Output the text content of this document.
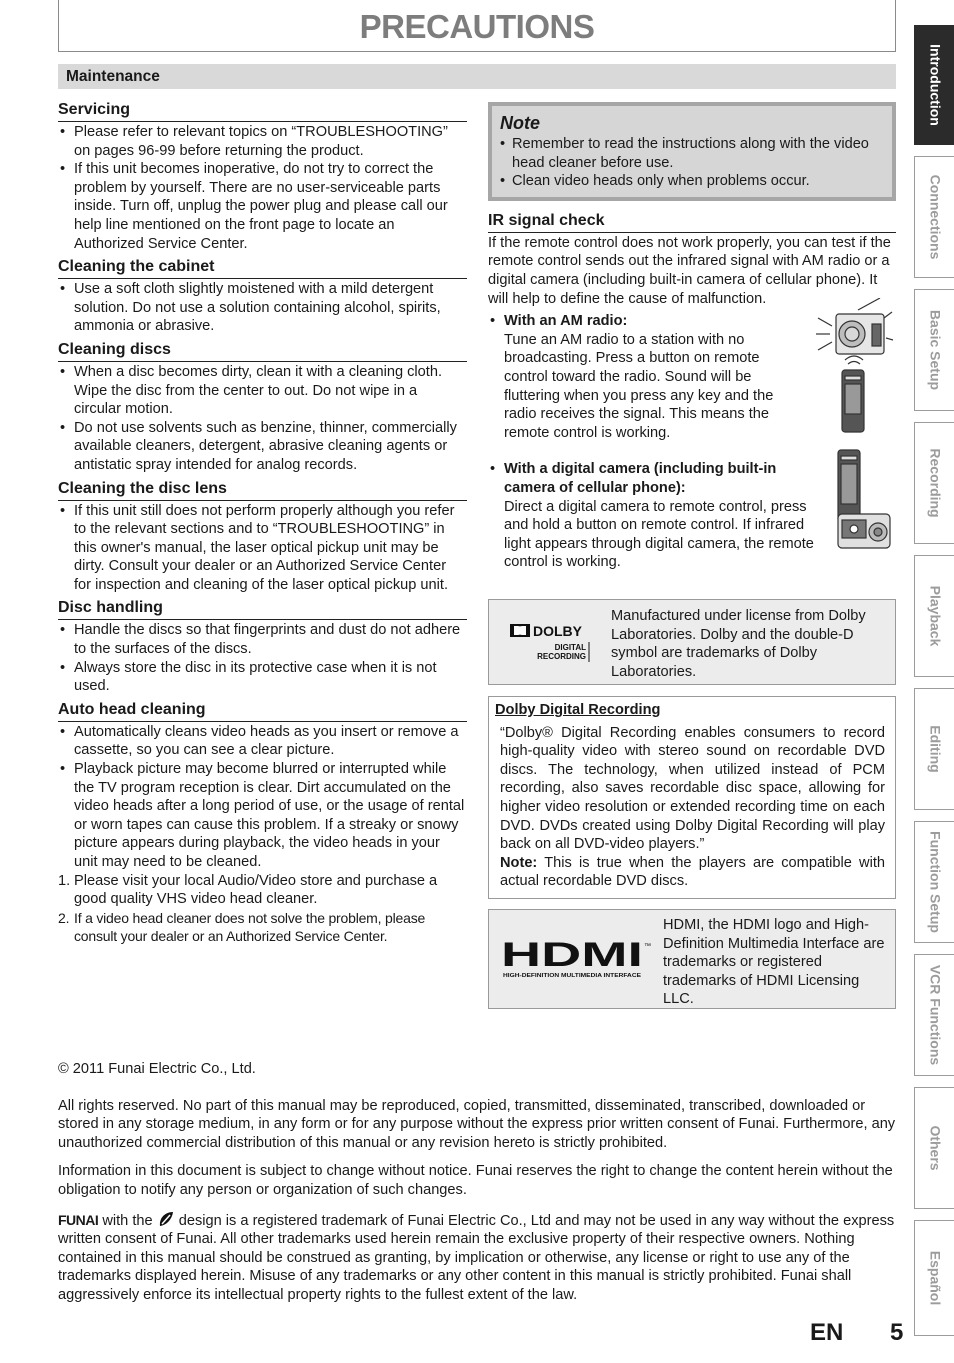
PRECAUTIONS
Maintenance
Servicing
• Please refer to relevant topics on “TROUBLESHOOTING” on pages 96-99 before returning the product.
• If this unit becomes inoperative, do not try to correct the problem by yourself. There are no user-serviceable parts inside. Turn off, unplug the power plug and please call our help line mentioned on the front page to locate an Authorized Service Center.
Cleaning the cabinet
• Use a soft cloth slightly moistened with a mild detergent solution. Do not use a solution containing alcohol, spirits, ammonia or abrasive.
Cleaning discs
• When a disc becomes dirty, clean it with a cleaning cloth. Wipe the disc from the center to out. Do not wipe in a circular motion.
• Do not use solvents such as benzine, thinner, commercially available cleaners, detergent, abrasive cleaning agents or antistatic spray intended for analog records.
Cleaning the disc lens
• If this unit still does not perform properly although you refer to the relevant sections and to “TROUBLESHOOTING” in this owner's manual, the laser optical pickup unit may be dirty. Consult your dealer or an Authorized Service Center for inspection and cleaning of the laser optical pickup unit.
Disc handling
• Handle the discs so that fingerprints and dust do not adhere to the surfaces of the discs.
• Always store the disc in its protective case when it is not used.
Auto head cleaning
• Automatically cleans video heads as you insert or remove a cassette, so you can see a clear picture.
• Playback picture may become blurred or interrupted while the TV program reception is clear. Dirt accumulated on the video heads after a long period of use, or the usage of rental or worn tapes can cause this problem. If a streaky or snowy picture appears during playback, the video heads in your unit may need to be cleaned.
1. Please visit your local Audio/Video store and purchase a good quality VHS video head cleaner.
2. If a video head cleaner does not solve the problem, please consult your dealer or an Authorized Service Center.
Note
• Remember to read the instructions along with the video head cleaner before use.
• Clean video heads only when problems occur.
IR signal check

If the remote control does not work properly, you can test if the remote control sends out the infrared signal with AM radio or a digital camera (including built-in camera of cellular phone). It will help to define the cause of malfunction.

• With an AM radio:
Tune an AM radio to a station with no broadcasting. Press a button on remote control toward the radio. Sound will be fluttering when you press any key and the radio receives the signal. This means the remote control is working.
• With a digital camera (including built-in camera of cellular phone):
Direct a digital camera to remote control, press and hold a button on remote control. If infrared light appears through digital camera, the remote control is working.
DOLBY
DIGITAL
RECORDING
Manufactured under license from Dolby Laboratories. Dolby and the double-D symbol are trademarks of Dolby Laboratories.
Dolby Digital Recording
“Dolby® Digital Recording enables consumers to record high-quality video with stereo sound on recordable DVD discs. The technology, when utilized instead of PCM recording, also saves recordable disc space, allowing for higher video resolution or extended recording time on each DVD. DVDs created using Dolby Digital Recording will play back on all DVD-video players.”
Note: This is true when the players are compatible with actual recordable DVD discs.
HDMI ™
HIGH-DEFINITION MULTIMEDIA INTERFACE
HDMI, the HDMI logo and High-Definition Multimedia Interface are trademarks or registered trademarks of HDMI Licensing LLC.

© 2011 Funai Electric Co., Ltd.

All rights reserved. No part of this manual may be reproduced, copied, transmitted, disseminated, transcribed, downloaded or stored in any storage medium, in any form or for any purpose without the express prior written consent of Funai. Furthermore, any unauthorized commercial distribution of this manual or any revision hereto is strictly prohibited.

Information in this document is subject to change without notice. Funai reserves the right to change the content herein without the obligation to notify any person or organization of such changes.

FUNAI with the  design is a registered trademark of Funai Electric Co., Ltd and may not be used in any way without the express written consent of Funai. All other trademarks used herein remain the exclusive property of their respective owners. Nothing contained in this manual should be construed as granting, by implication or otherwise, any license or right to use any of the trademarks displayed herein. Misuse of any trademarks or any other content in this manual is strictly prohibited. Funai shall aggressively enforce its intellectual property rights to the fullest extent of the law.

Introduction
Connections
Basic Setup
Recording
Playback
Editing
Function Setup
VCR Functions
Others
Español
EN 5
